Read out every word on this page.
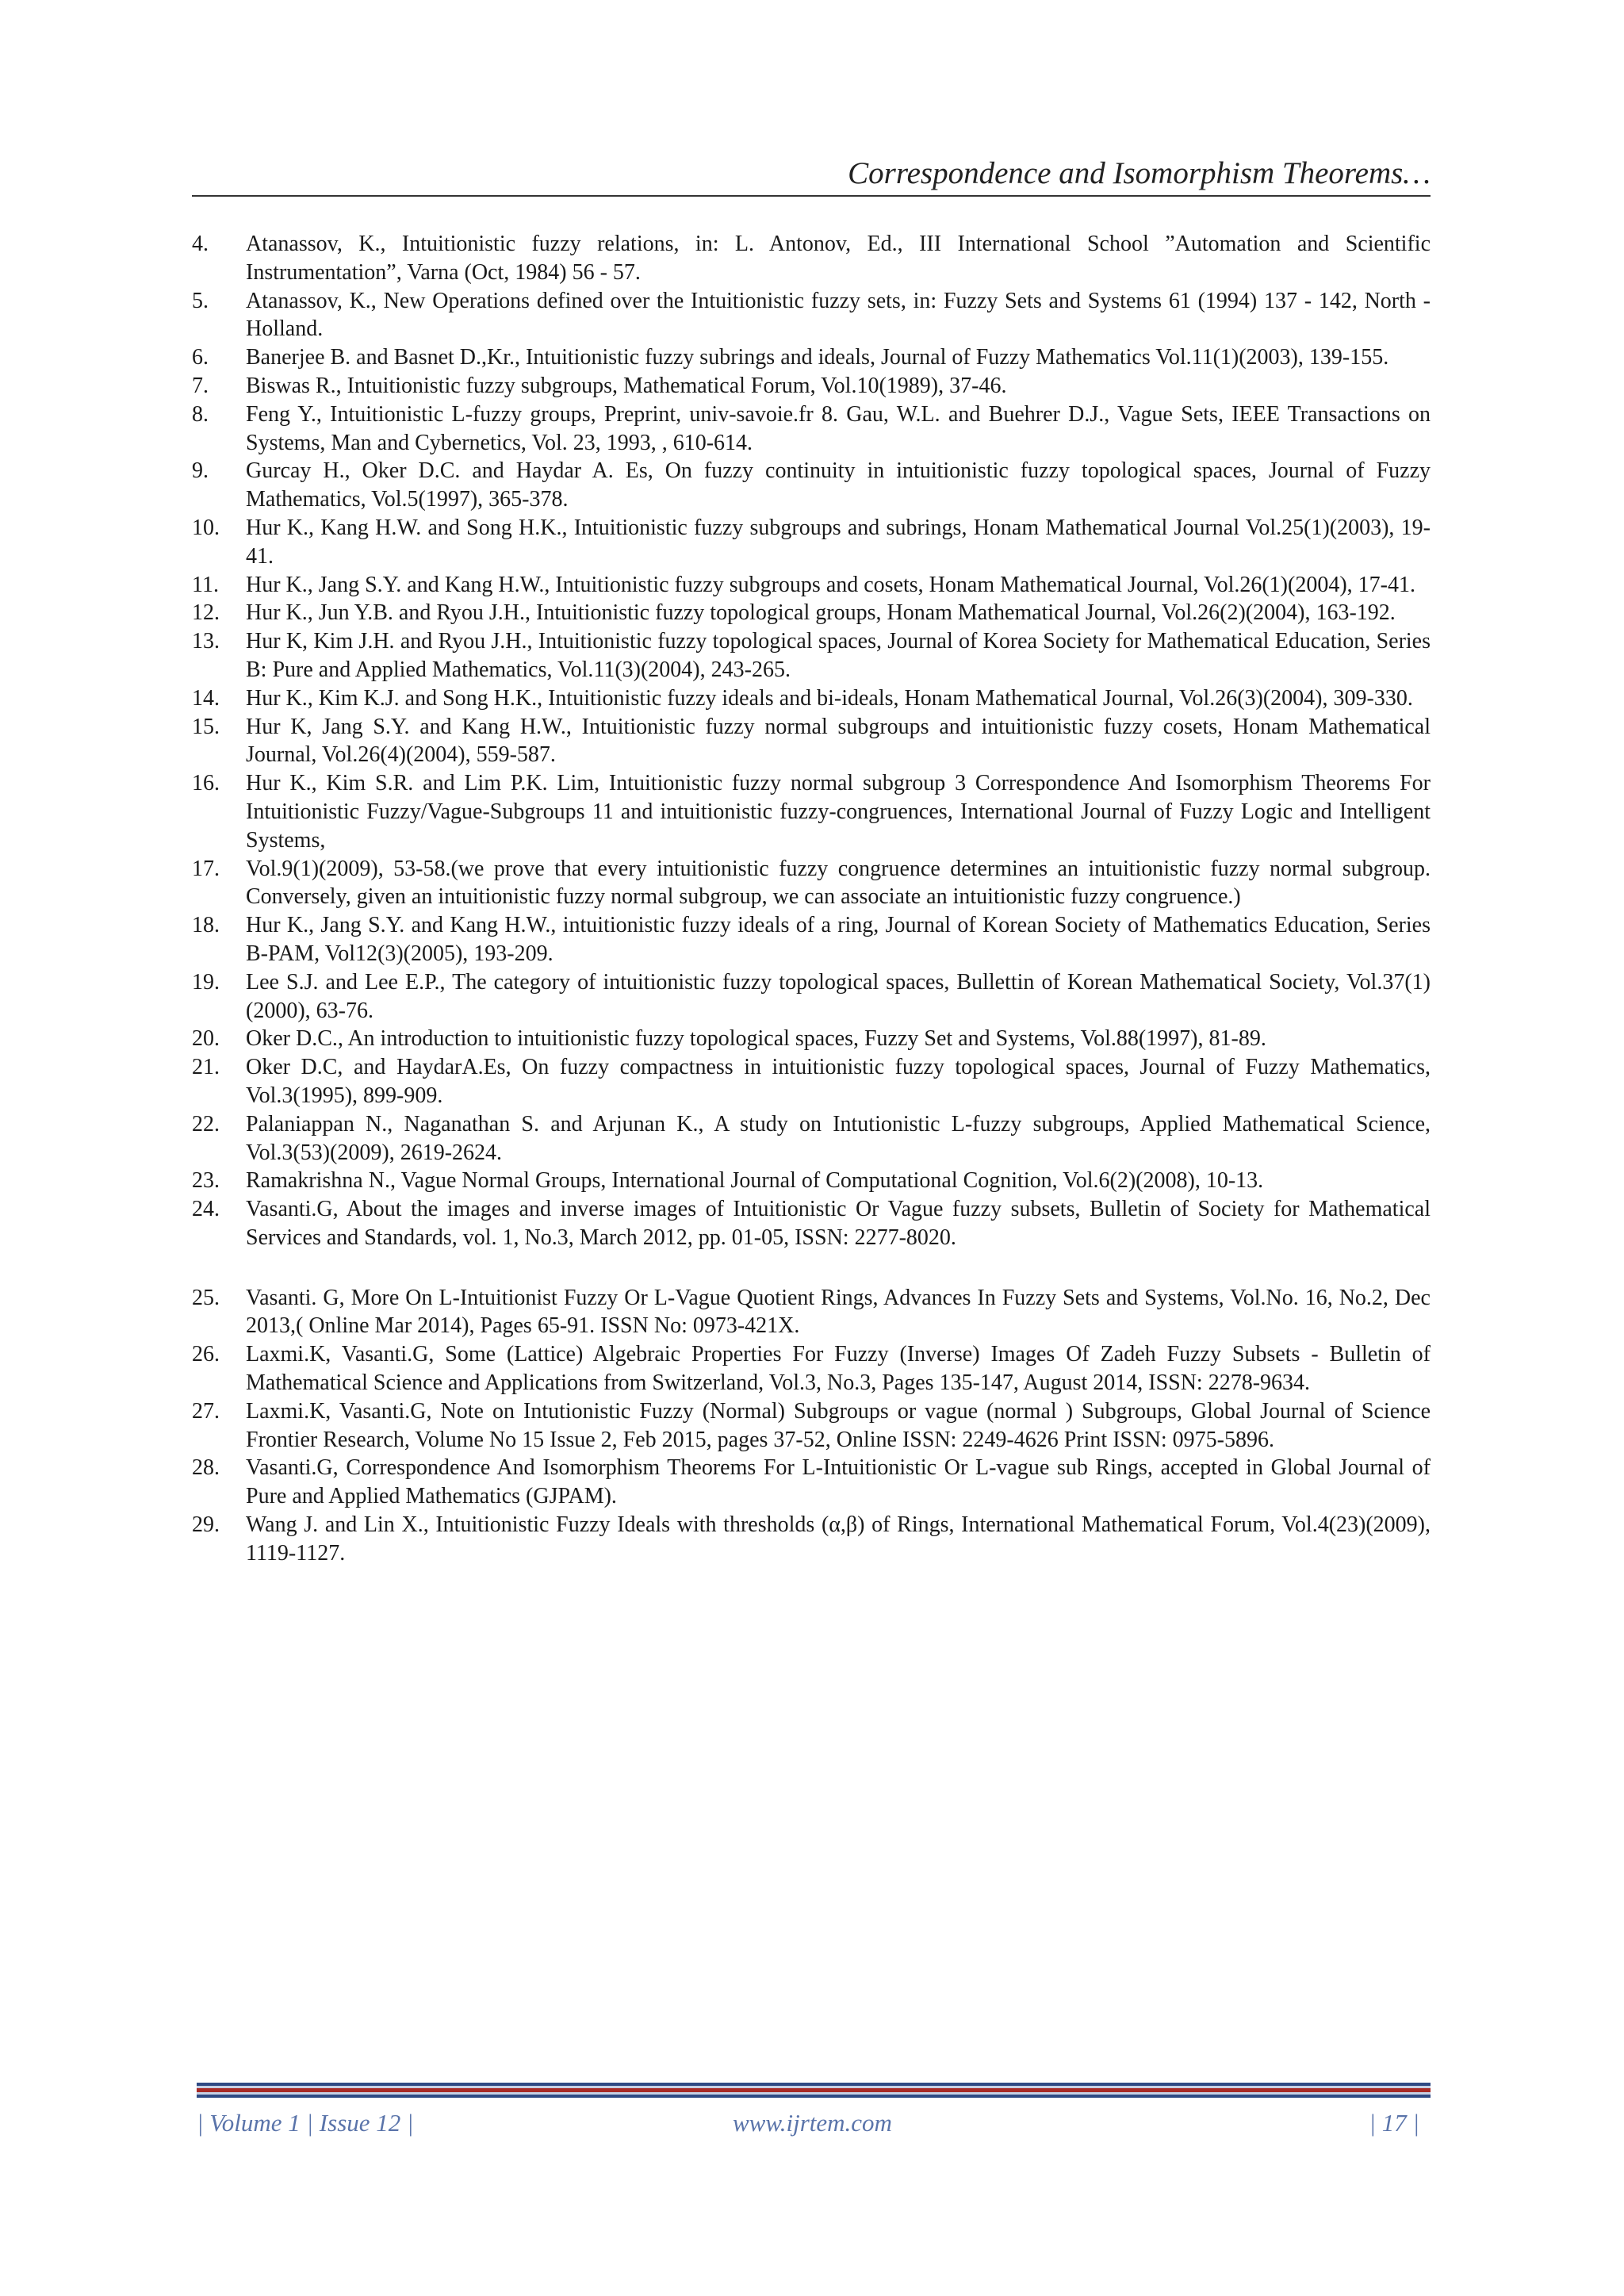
Correspondence and Isomorphism Theorems…
4.	Atanassov, K., Intuitionistic fuzzy relations, in: L. Antonov, Ed., III International School ”Automation and Scientific Instrumentation”, Varna (Oct, 1984) 56 - 57.
5.	Atanassov, K., New Operations defined over the Intuitionistic fuzzy sets, in: Fuzzy Sets and Systems 61 (1994) 137 - 142, North - Holland.
6.	Banerjee B. and Basnet D.,Kr., Intuitionistic fuzzy subrings and ideals, Journal of Fuzzy Mathematics Vol.11(1)(2003), 139-155.
7.	Biswas R., Intuitionistic fuzzy subgroups, Mathematical Forum, Vol.10(1989), 37-46.
8.	Feng Y., Intuitionistic L-fuzzy groups, Preprint, univ-savoie.fr 8. Gau, W.L. and Buehrer D.J., Vague Sets, IEEE Transactions on Systems, Man and Cybernetics, Vol. 23, 1993, , 610-614.
9.	Gurcay H., Oker D.C. and Haydar A. Es, On fuzzy continuity in intuitionistic fuzzy topological spaces, Journal of Fuzzy Mathematics, Vol.5(1997), 365-378.
10.	Hur K., Kang H.W. and Song H.K., Intuitionistic fuzzy subgroups and subrings, Honam Mathematical Journal Vol.25(1)(2003), 19-41.
11.	Hur K., Jang S.Y. and Kang H.W., Intuitionistic fuzzy subgroups and cosets, Honam Mathematical Journal, Vol.26(1)(2004), 17-41.
12.	Hur K., Jun Y.B. and Ryou J.H., Intuitionistic fuzzy topological groups, Honam Mathematical Journal, Vol.26(2)(2004), 163-192.
13.	Hur K, Kim J.H. and Ryou J.H., Intuitionistic fuzzy topological spaces, Journal of Korea Society for Mathematical Education, Series B: Pure and Applied Mathematics, Vol.11(3)(2004), 243-265.
14.	Hur K., Kim K.J. and Song H.K., Intuitionistic fuzzy ideals and bi-ideals, Honam Mathematical Journal, Vol.26(3)(2004), 309-330.
15.	Hur K, Jang S.Y. and Kang H.W., Intuitionistic fuzzy normal subgroups and intuitionistic fuzzy cosets, Honam Mathematical Journal, Vol.26(4)(2004), 559-587.
16.	Hur K., Kim S.R. and Lim P.K. Lim, Intuitionistic fuzzy normal subgroup 3 Correspondence And Isomorphism Theorems For Intuitionistic Fuzzy/Vague-Subgroups 11 and intuitionistic fuzzy-congruences, International Journal of Fuzzy Logic and Intelligent Systems,
17.	Vol.9(1)(2009), 53-58.(we prove that every intuitionistic fuzzy congruence determines an intuitionistic fuzzy normal subgroup. Conversely, given an intuitionistic fuzzy normal subgroup, we can associate an intuitionistic fuzzy congruence.)
18.	Hur K., Jang S.Y. and Kang H.W., intuitionistic fuzzy ideals of a ring, Journal of Korean Society of Mathematics Education, Series B-PAM, Vol12(3)(2005), 193-209.
19.	Lee S.J. and Lee E.P., The category of intuitionistic fuzzy topological spaces, Bullettin of Korean Mathematical Society, Vol.37(1)(2000), 63-76.
20.	Oker D.C., An introduction to intuitionistic fuzzy topological spaces, Fuzzy Set and Systems, Vol.88(1997), 81-89.
21.	Oker D.C, and HaydarA.Es, On fuzzy compactness in intuitionistic fuzzy topological spaces, Journal of Fuzzy Mathematics, Vol.3(1995), 899-909.
22.	Palaniappan N., Naganathan S. and Arjunan K., A study on Intutionistic L-fuzzy subgroups, Applied Mathematical Science, Vol.3(53)(2009), 2619-2624.
23.	Ramakrishna N., Vague Normal Groups, International Journal of Computational Cognition, Vol.6(2)(2008), 10-13.
24.	Vasanti.G, About the images and inverse images of Intuitionistic Or Vague fuzzy subsets, Bulletin of Society for Mathematical Services and Standards, vol. 1, No.3, March 2012, pp. 01-05, ISSN: 2277-8020.
25.	Vasanti. G, More On L-Intuitionist Fuzzy Or L-Vague Quotient Rings, Advances In Fuzzy Sets and Systems, Vol.No. 16, No.2, Dec 2013,( Online Mar 2014), Pages 65-91. ISSN No: 0973-421X.
26.	Laxmi.K, Vasanti.G, Some (Lattice) Algebraic Properties For Fuzzy (Inverse) Images Of Zadeh Fuzzy Subsets - Bulletin of Mathematical Science and Applications from Switzerland, Vol.3, No.3, Pages 135-147, August 2014, ISSN: 2278-9634.
27.	Laxmi.K, Vasanti.G, Note on Intutionistic Fuzzy (Normal) Subgroups or vague (normal ) Subgroups, Global Journal of Science Frontier Research, Volume No 15 Issue 2, Feb 2015, pages 37-52, Online ISSN: 2249-4626 Print ISSN: 0975-5896.
28.	Vasanti.G, Correspondence And Isomorphism Theorems For L-Intuitionistic Or L-vague sub Rings, accepted in Global Journal of Pure and Applied Mathematics (GJPAM).
29.	Wang J. and Lin X., Intuitionistic Fuzzy Ideals with thresholds (α,β) of Rings, International Mathematical Forum, Vol.4(23)(2009), 1119-1127.
| Volume 1 | Issue 12 |	www.ijrtem.com	| 17 |
